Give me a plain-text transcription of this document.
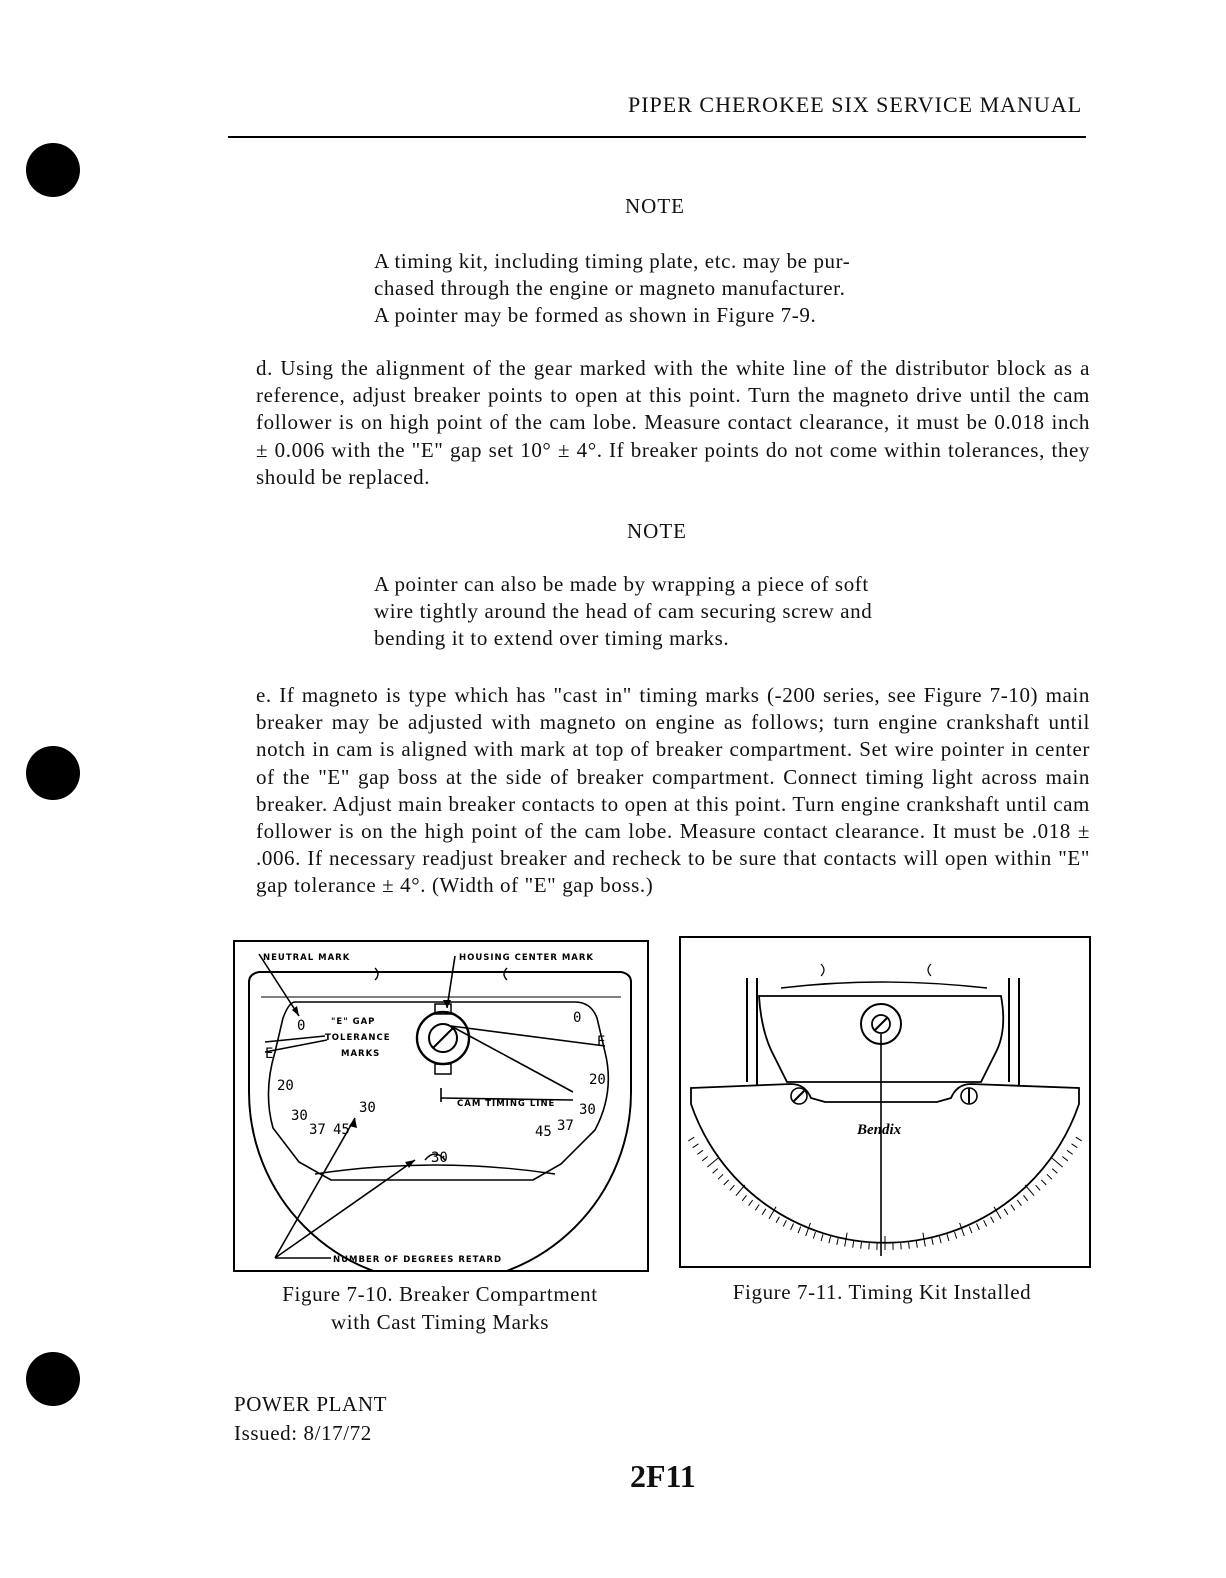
PIPER CHEROKEE SIX SERVICE MANUAL
NOTE
A timing kit, including timing plate, etc. may be pur-
chased through the engine or magneto manufacturer.
A pointer may be formed as shown in Figure 7-9.
d. Using the alignment of the gear marked with the white line of the distributor block as a reference, adjust breaker points to open at this point. Turn the magneto drive until the cam follower is on high point of the cam lobe. Measure contact clearance, it must be 0.018 inch ± 0.006 with the "E" gap set 10° ± 4°. If breaker points do not come within tolerances, they should be replaced.
NOTE
A pointer can also be made by wrapping a piece of soft
wire tightly around the head of cam securing screw and
bending it to extend over timing marks.
e. If magneto is type which has "cast in" timing marks (-200 series, see Figure 7-10) main breaker may be adjusted with magneto on engine as follows; turn engine crankshaft until notch in cam is aligned with mark at top of breaker compartment. Set wire pointer in center of the "E" gap boss at the side of breaker compartment. Connect timing light across main breaker. Adjust main breaker contacts to open at this point. Turn engine crankshaft until cam follower is on the high point of the cam lobe. Measure contact clearance. It must be .018 ± .006. If necessary readjust breaker and recheck to be sure that contacts will open within "E" gap tolerance ± 4°. (Width of "E" gap boss.)
NEUTRAL MARK	HOUSING CENTER MARK
"E" GAP
TOLERANCE
MARKS
CAM TIMING LINE
NUMBER OF DEGREES RETARD
0	0
E
E
20	20
30	30	30
30
37	37
45	45
Figure 7-10. Breaker Compartment
with Cast Timing Marks
Bendix
Figure 7-11. Timing Kit Installed
POWER PLANT
Issued: 8/17/72
2F11
